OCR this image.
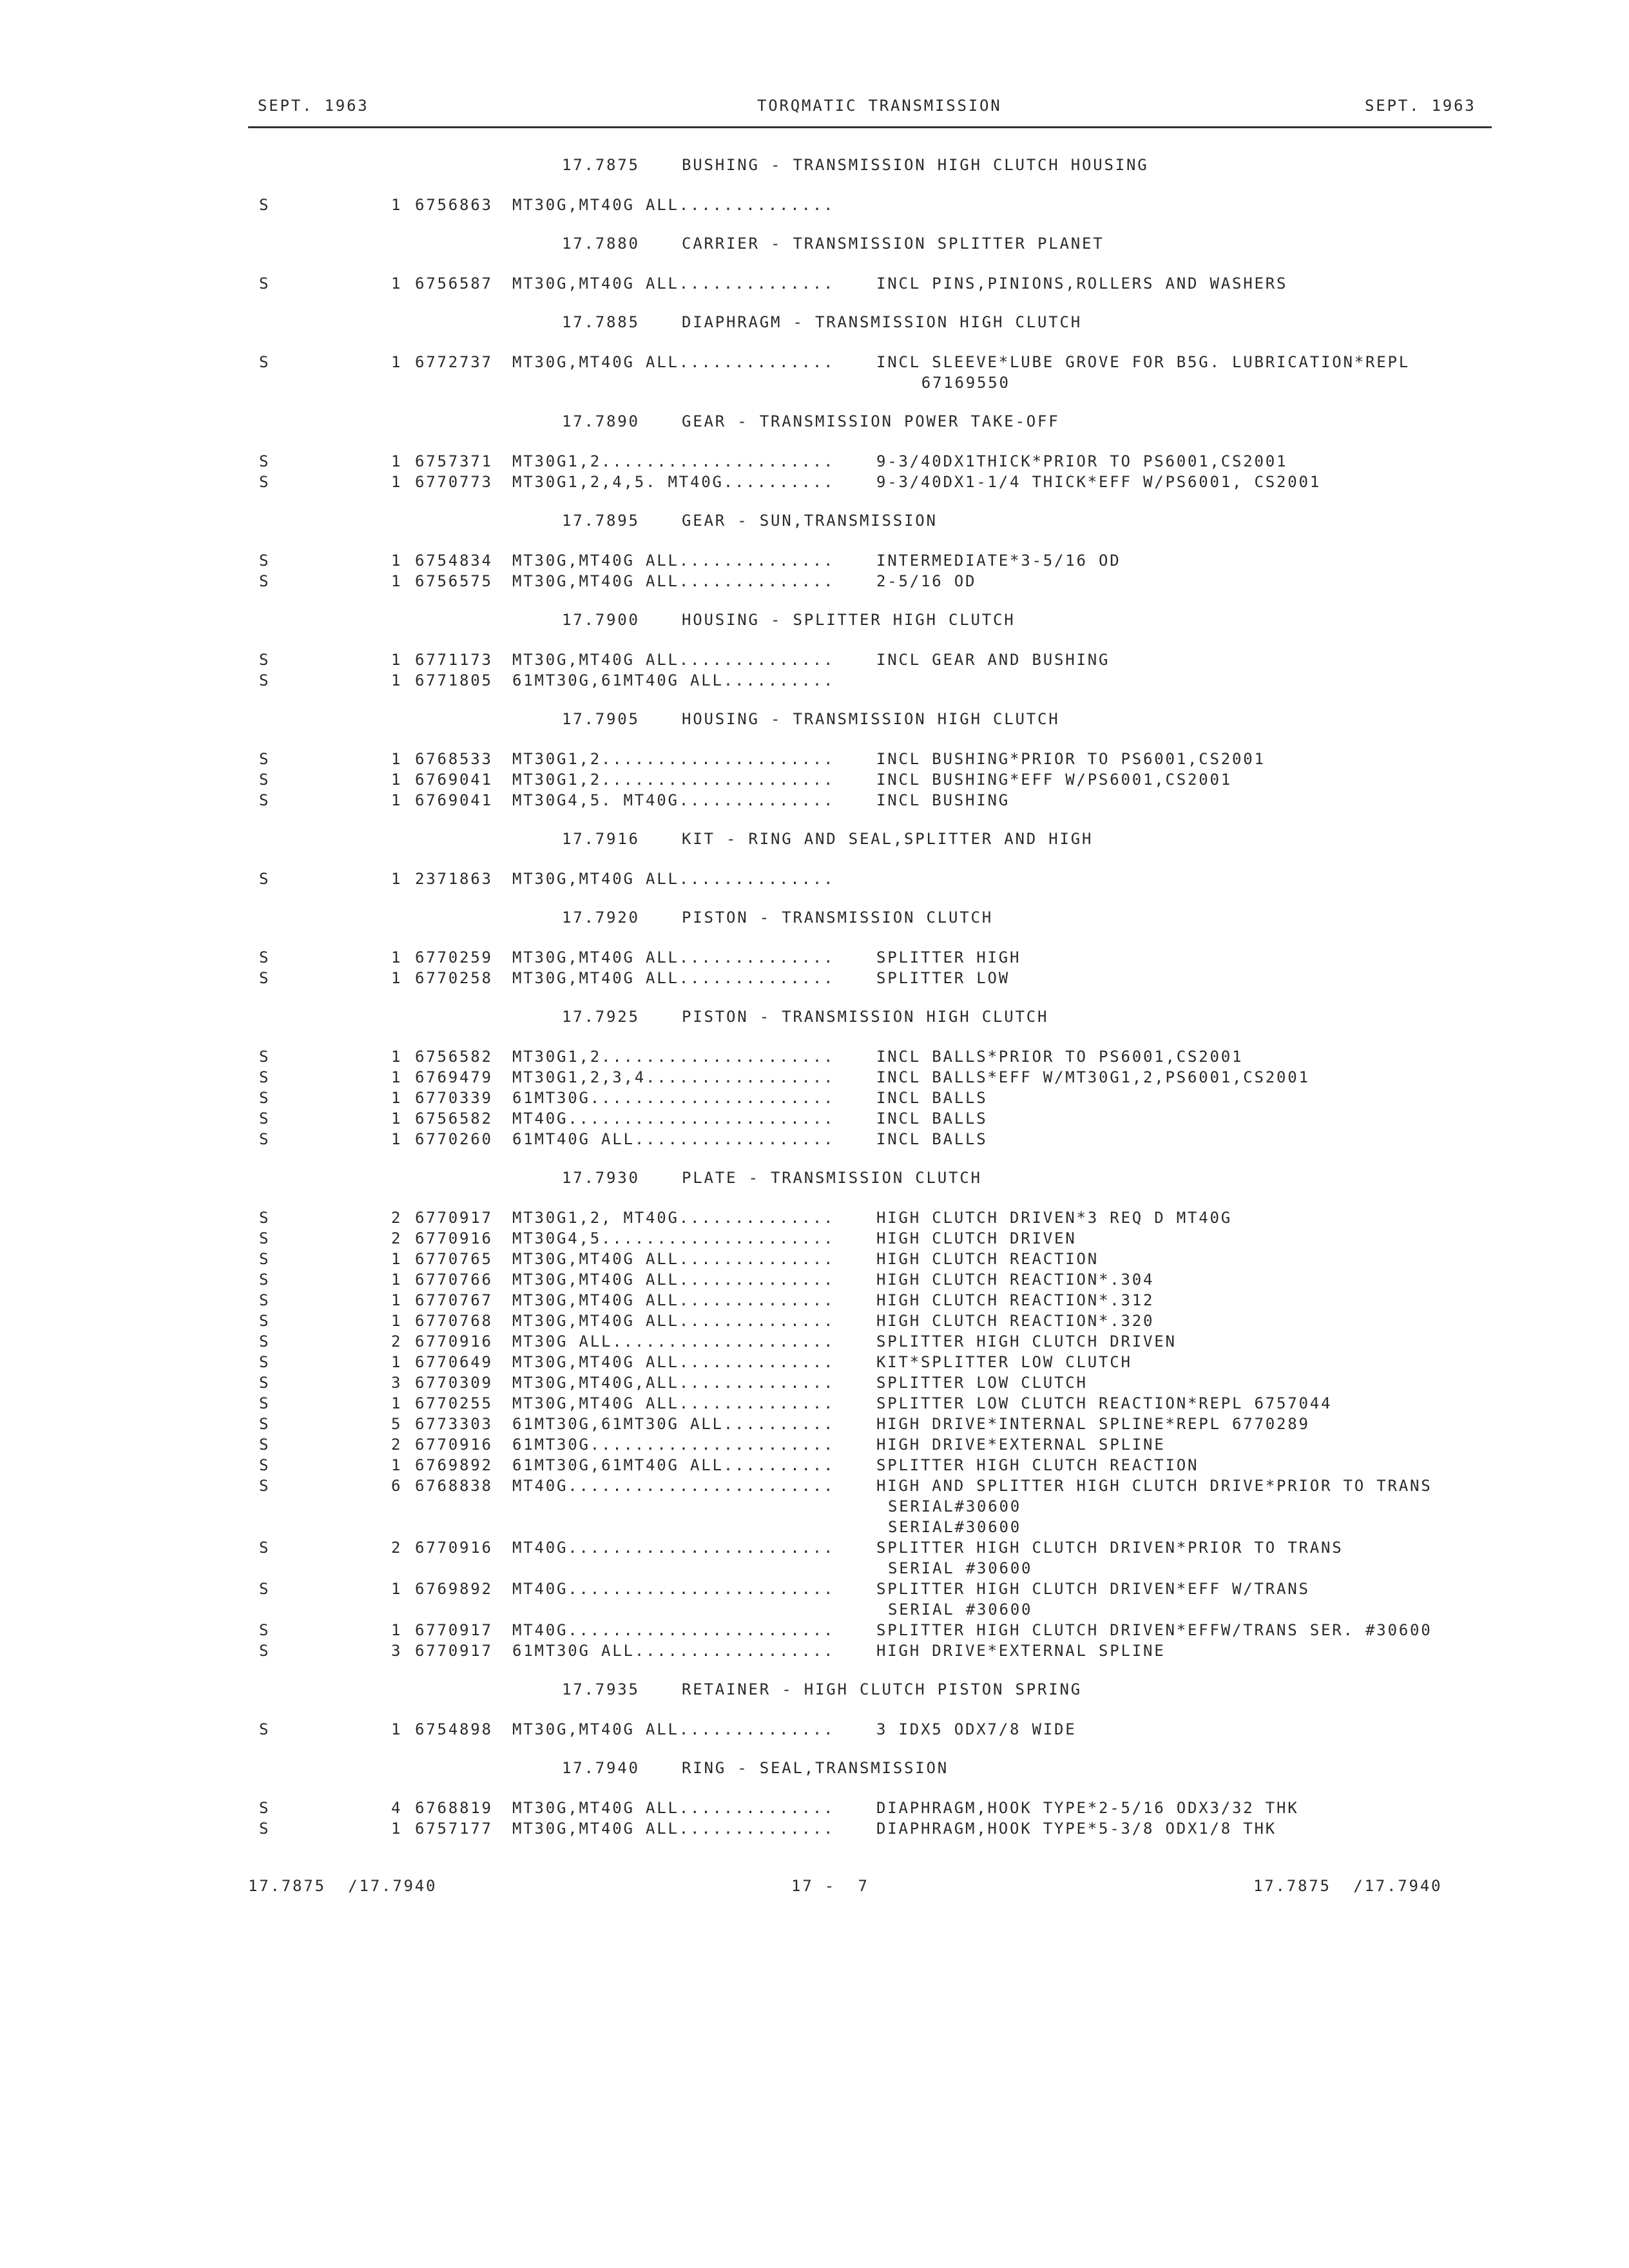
SEPT. 1963	TORQMATIC TRANSMISSION	SEPT. 1963
17.7875	BUSHING - TRANSMISSION HIGH CLUTCH HOUSING
S	1 6756863 MT30G,MT40G ALL..............
17.7880	CARRIER - TRANSMISSION SPLITTER PLANET
S	1 6756587 MT30G,MT40G ALL..............	INCL PINS,PINIONS,ROLLERS AND WASHERS
17.7885	DIAPHRAGM - TRANSMISSION HIGH CLUTCH
S	1 6772737 MT30G,MT40G ALL..............	INCL SLEEVE*LUBE GROVE FOR B5G. LUBRICATION*REPL
67169550
17.7890	GEAR - TRANSMISSION POWER TAKE-OFF
S	1 6757371 MT30G1,2.....................	9-3/40DX1THICK*PRIOR TO PS6001,CS2001
S	1 6770773 MT30G1,2,4,5. MT40G..........	9-3/40DX1-1/4 THICK*EFF W/PS6001, CS2001
17.7895	GEAR - SUN,TRANSMISSION
S	1 6754834 MT30G,MT40G ALL..............	INTERMEDIATE*3-5/16 OD
S	1 6756575 MT30G,MT40G ALL..............	2-5/16 OD
17.7900	HOUSING - SPLITTER HIGH CLUTCH
S	1 6771173 MT30G,MT40G ALL..............	INCL GEAR AND BUSHING
S	1 6771805 61MT30G,61MT40G ALL..........
17.7905	HOUSING - TRANSMISSION HIGH CLUTCH
S	1 6768533 MT30G1,2.....................	INCL BUSHING*PRIOR TO PS6001,CS2001
S	1 6769041 MT30G1,2.....................	INCL BUSHING*EFF W/PS6001,CS2001
S	1 6769041 MT30G4,5. MT40G..............	INCL BUSHING
17.7916	KIT - RING AND SEAL,SPLITTER AND HIGH
S	1 2371863 MT30G,MT40G ALL..............
17.7920	PISTON - TRANSMISSION CLUTCH
S	1 6770259 MT30G,MT40G ALL..............	SPLITTER HIGH
S	1 6770258 MT30G,MT40G ALL..............	SPLITTER LOW
17.7925	PISTON - TRANSMISSION HIGH CLUTCH
S	1 6756582 MT30G1,2.....................	INCL BALLS*PRIOR TO PS6001,CS2001
S	1 6769479 MT30G1,2,3,4.................	INCL BALLS*EFF W/MT30G1,2,PS6001,CS2001
S	1 6770339 61MT30G......................	INCL BALLS
S	1 6756582 MT40G........................	INCL BALLS
S	1 6770260 61MT40G ALL..................	INCL BALLS
17.7930	PLATE - TRANSMISSION CLUTCH
S	2 6770917 MT30G1,2, MT40G..............	HIGH CLUTCH DRIVEN*3 REQ D MT40G
S	2 6770916 MT30G4,5.....................	HIGH CLUTCH DRIVEN
S	1 6770765 MT30G,MT40G ALL..............	HIGH CLUTCH REACTION
S	1 6770766 MT30G,MT40G ALL..............	HIGH CLUTCH REACTION*.304
S	1 6770767 MT30G,MT40G ALL..............	HIGH CLUTCH REACTION*.312
S	1 6770768 MT30G,MT40G ALL..............	HIGH CLUTCH REACTION*.320
S	2 6770916 MT30G ALL....................	SPLITTER HIGH CLUTCH DRIVEN
S	1 6770649 MT30G,MT40G ALL..............	KIT*SPLITTER LOW CLUTCH
S	3 6770309 MT30G,MT40G,ALL..............	SPLITTER LOW CLUTCH
S	1 6770255 MT30G,MT40G ALL..............	SPLITTER LOW CLUTCH REACTION*REPL 6757044
S	5 6773303 61MT30G,61MT30G ALL..........	HIGH DRIVE*INTERNAL SPLINE*REPL 6770289
S	2 6770916 61MT30G......................	HIGH DRIVE*EXTERNAL SPLINE
S	1 6769892 61MT30G,61MT40G ALL..........	SPLITTER HIGH CLUTCH REACTION
S	6 6768838 MT40G........................	HIGH AND SPLITTER HIGH CLUTCH DRIVE*PRIOR TO TRANS
SERIAL#30600
SERIAL#30600
S	2 6770916 MT40G........................	SPLITTER HIGH CLUTCH DRIVEN*PRIOR TO TRANS
SERIAL #30600
S	1 6769892 MT40G........................	SPLITTER HIGH CLUTCH DRIVEN*EFF W/TRANS
SERIAL #30600
S	1 6770917 MT40G........................	SPLITTER HIGH CLUTCH DRIVEN*EFFW/TRANS SER. #30600
S	3 6770917 61MT30G ALL..................	HIGH DRIVE*EXTERNAL SPLINE
17.7935	RETAINER - HIGH CLUTCH PISTON SPRING
S	1 6754898 MT30G,MT40G ALL..............	3 IDX5 ODX7/8 WIDE
17.7940	RING - SEAL,TRANSMISSION
S	4 6768819 MT30G,MT40G ALL..............	DIAPHRAGM,HOOK TYPE*2-5/16 ODX3/32 THK
S	1 6757177 MT30G,MT40G ALL..............	DIAPHRAGM,HOOK TYPE*5-3/8 ODX1/8 THK
17.7875  /17.7940	17 -  7	17.7875  /17.7940
